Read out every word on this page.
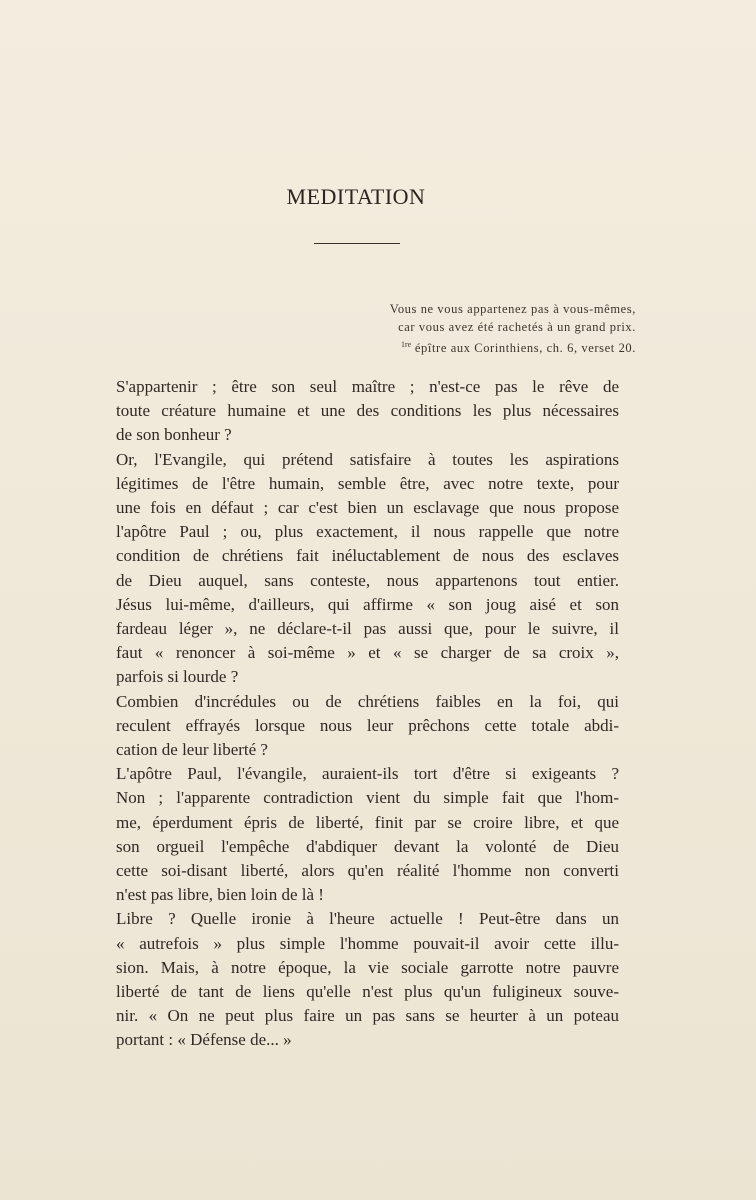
MEDITATION
Vous ne vous appartenez pas à vous-mêmes,
car vous avez été rachetés à un grand prix.
$^{1re}$ épître aux Corinthiens, ch. 6, verset 20.
S'appartenir ; être son seul maître ; n'est-ce pas le rêve de
toute créature humaine et une des conditions les plus nécessaires
de son bonheur ?
Or, l'Evangile, qui prétend satisfaire à toutes les aspirations
légitimes de l'être humain, semble être, avec notre texte, pour
une fois en défaut ; car c'est bien un esclavage que nous propose
l'apôtre Paul ; ou, plus exactement, il nous rappelle que notre
condition de chrétiens fait inéluctablement de nous des esclaves
de Dieu auquel, sans conteste, nous appartenons tout entier.
Jésus lui-même, d'ailleurs, qui affirme « son joug aisé et son
fardeau léger », ne déclare-t-il pas aussi que, pour le suivre, il
faut « renoncer à soi-même » et « se charger de sa croix »,
parfois si lourde ?
Combien d'incrédules ou de chrétiens faibles en la foi, qui
reculent effrayés lorsque nous leur prêchons cette totale abdi-
cation de leur liberté ?
L'apôtre Paul, l'évangile, auraient-ils tort d'être si exigeants ?
Non ; l'apparente contradiction vient du simple fait que l'hom-
me, éperdument épris de liberté, finit par se croire libre, et que
son orgueil l'empêche d'abdiquer devant la volonté de Dieu
cette soi-disant liberté, alors qu'en réalité l'homme non converti
n'est pas libre, bien loin de là !
Libre ? Quelle ironie à l'heure actuelle ! Peut-être dans un
« autrefois » plus simple l'homme pouvait-il avoir cette illu-
sion. Mais, à notre époque, la vie sociale garrotte notre pauvre
liberté de tant de liens qu'elle n'est plus qu'un fuligineux souve-
nir. « On ne peut plus faire un pas sans se heurter à un poteau
portant : « Défense de... »
